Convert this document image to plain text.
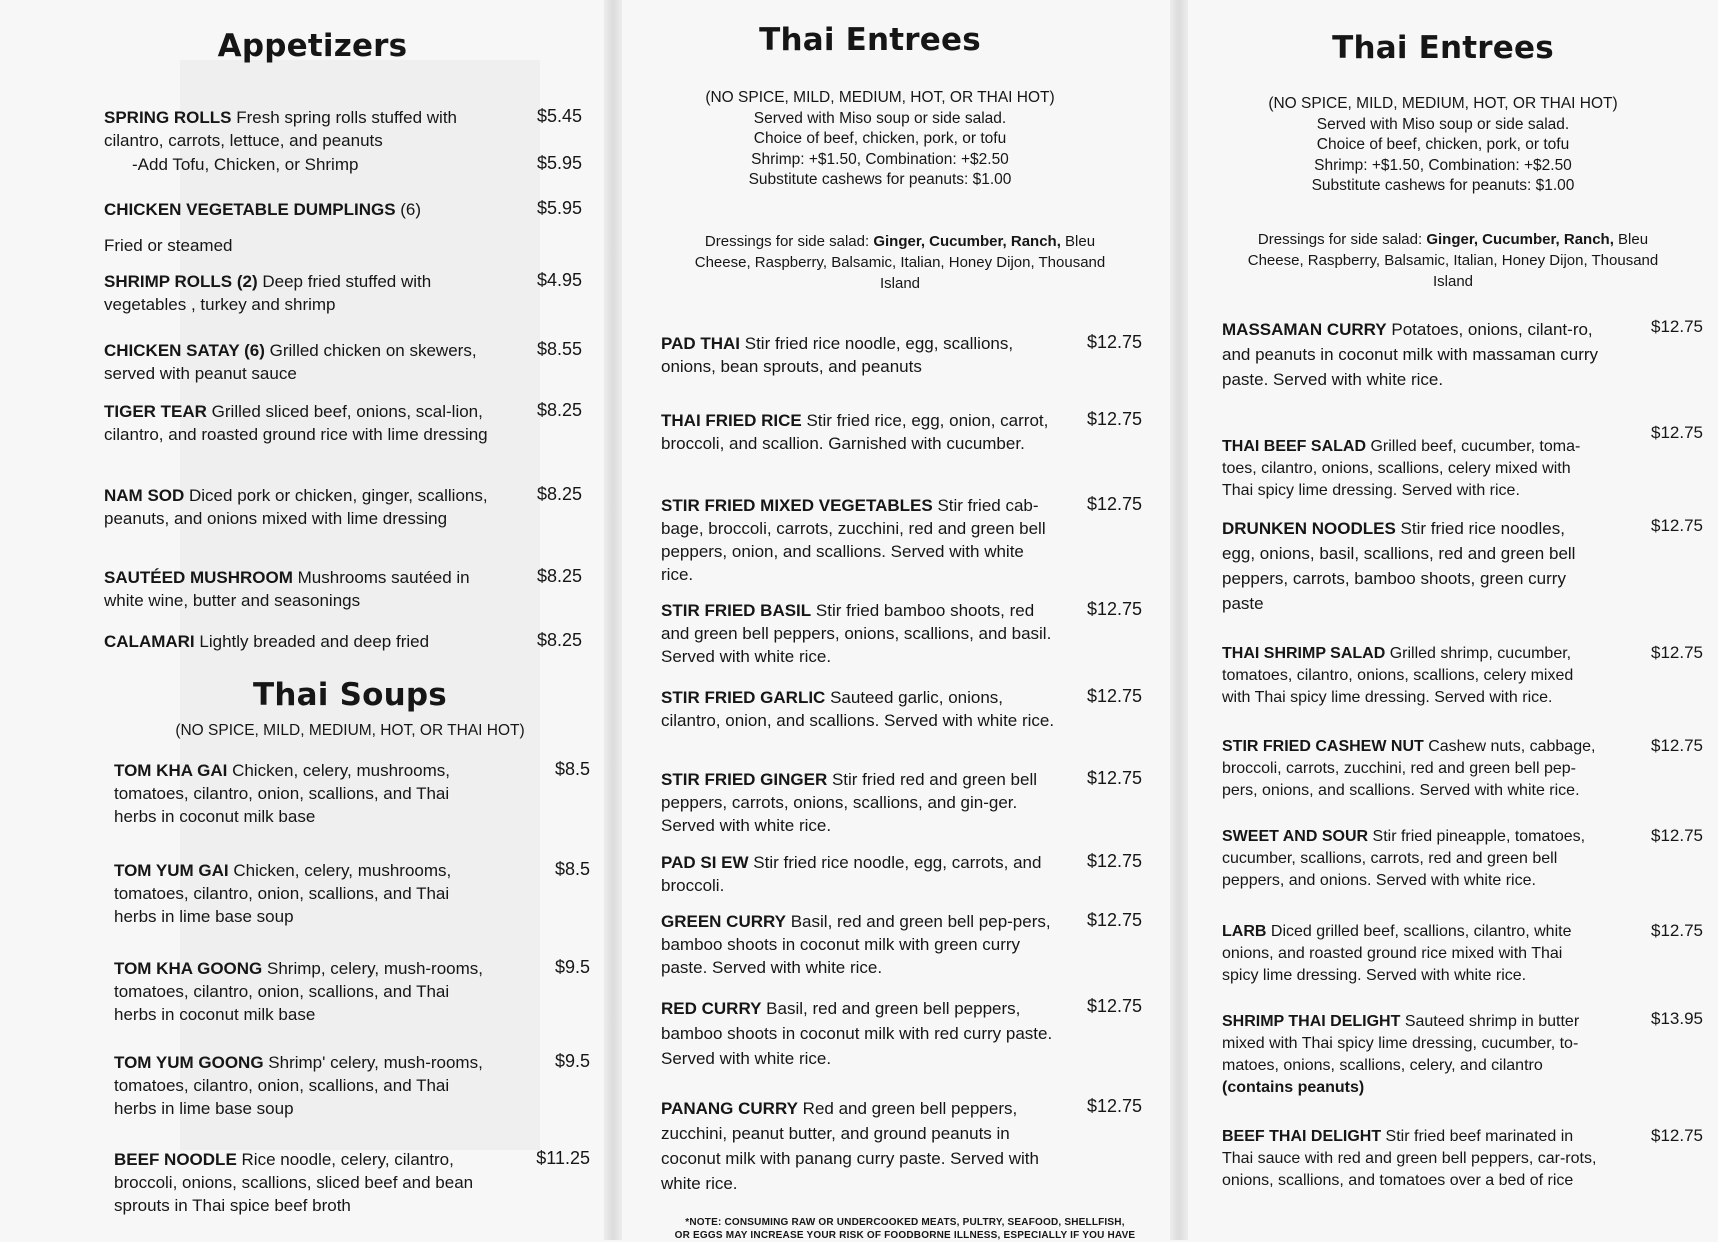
Appetizers
SPRING ROLLS Fresh spring rolls stuffed with cilantro, carrots, lettuce, and peanuts
$5.45
-Add Tofu, Chicken, or Shrimp	$5.95
CHICKEN VEGETABLE DUMPLINGS (6)	$5.95
Fried or steamed
SHRIMP ROLLS (2) Deep fried stuffed with vegetables , turkey and shrimp
$4.95
CHICKEN SATAY (6) Grilled chicken on skewers, served with peanut sauce
$8.55
TIGER TEAR Grilled sliced beef, onions, scal-lion, cilantro, and roasted ground rice with lime dressing
$8.25
NAM SOD Diced pork or chicken, ginger, scallions, peanuts, and onions mixed with lime dressing
$8.25
SAUTÉED MUSHROOM Mushrooms sautéed in white wine, butter and seasonings
$8.25
CALAMARI Lightly breaded and deep fried	$8.25
Thai Soups
(NO SPICE, MILD, MEDIUM, HOT, OR THAI HOT)
TOM KHA GAI Chicken, celery, mushrooms, tomatoes, cilantro, onion, scallions, and Thai herbs in coconut milk base
$8.5
TOM YUM GAI Chicken, celery, mushrooms, tomatoes, cilantro, onion, scallions, and Thai herbs in lime base soup
$8.5
TOM KHA GOONG Shrimp, celery, mush-rooms, tomatoes, cilantro, onion, scallions, and Thai herbs in coconut milk base
$9.5
TOM YUM GOONG Shrimp' celery, mush-rooms, tomatoes, cilantro, onion, scallions, and Thai herbs in lime base soup
$9.5
BEEF NOODLE Rice noodle, celery, cilantro, broccoli, onions, scallions, sliced beef and bean sprouts in Thai spice beef broth
$11.25
Thai Entrees
(NO SPICE, MILD, MEDIUM, HOT, OR THAI HOT)
Served with Miso soup or side salad.
Choice of beef, chicken, pork, or tofu
Shrimp: +$1.50, Combination: +$2.50
Substitute cashews for peanuts: $1.00
Dressings for side salad: Ginger, Cucumber, Ranch, Bleu Cheese, Raspberry, Balsamic, Italian, Honey Dijon, Thousand Island
PAD THAI Stir fried rice noodle, egg, scallions, onions, bean sprouts, and peanuts
$12.75
THAI FRIED RICE Stir fried rice, egg, onion, carrot, broccoli, and scallion. Garnished with cucumber.
$12.75
STIR FRIED MIXED VEGETABLES Stir fried cab-bage, broccoli, carrots, zucchini, red and green bell peppers, onion, and scallions. Served with white rice.
$12.75
STIR FRIED BASIL Stir fried bamboo shoots, red and green bell peppers, onions, scallions, and basil. Served with white rice.
$12.75
STIR FRIED GARLIC Sauteed garlic, onions, cilantro, onion, and scallions. Served with white rice.
$12.75
STIR FRIED GINGER Stir fried red and green bell peppers, carrots, onions, scallions, and gin-ger. Served with white rice.
$12.75
PAD SI EW Stir fried rice noodle, egg, carrots, and broccoli.
$12.75
GREEN CURRY Basil, red and green bell pep-pers, bamboo shoots in coconut milk with green curry paste. Served with white rice.
$12.75
RED CURRY Basil, red and green bell peppers, bamboo shoots in coconut milk with red curry paste. Served with white rice.
$12.75
PANANG CURRY Red and green bell peppers, zucchini, peanut butter, and ground peanuts in coconut milk with panang curry paste. Served with white rice.
$12.75
*NOTE: CONSUMING RAW OR UNDERCOOKED MEATS, PULTRY, SEAFOOD, SHELLFISH,
OR EGGS MAY INCREASE YOUR RISK OF FOODBORNE ILLNESS, ESPECIALLY IF YOU HAVE
Thai Entrees
(NO SPICE, MILD, MEDIUM, HOT, OR THAI HOT)
Served with Miso soup or side salad.
Choice of beef, chicken, pork, or tofu
Shrimp: +$1.50, Combination: +$2.50
Substitute cashews for peanuts: $1.00
Dressings for side salad: Ginger, Cucumber, Ranch, Bleu Cheese, Raspberry, Balsamic, Italian, Honey Dijon, Thousand Island
MASSAMAN CURRY Potatoes, onions, cilant-ro, and peanuts in coconut milk with massaman curry paste. Served with white rice.
$12.75
THAI BEEF SALAD Grilled beef, cucumber, toma-toes, cilantro, onions, scallions, celery mixed with Thai spicy lime dressing. Served with rice.
$12.75
DRUNKEN NOODLES Stir fried rice noodles, egg, onions, basil, scallions, red and green bell peppers, carrots, bamboo shoots, green curry paste
$12.75
THAI SHRIMP SALAD Grilled shrimp, cucumber, tomatoes, cilantro, onions, scallions, celery mixed with Thai spicy lime dressing. Served with rice.
$12.75
STIR FRIED CASHEW NUT Cashew nuts, cabbage, broccoli, carrots, zucchini, red and green bell pep-pers, onions, and scallions. Served with white rice.
$12.75
SWEET AND SOUR Stir fried pineapple, tomatoes, cucumber, scallions, carrots, red and green bell peppers, and onions. Served with white rice.
$12.75
LARB Diced grilled beef, scallions, cilantro, white onions, and roasted ground rice mixed with Thai spicy lime dressing. Served with white rice.
$12.75
SHRIMP THAI DELIGHT Sauteed shrimp in butter mixed with Thai spicy lime dressing, cucumber, to-matoes, onions, scallions, celery, and cilantro
(contains peanuts)
$13.95
BEEF THAI DELIGHT Stir fried beef marinated in Thai sauce with red and green bell peppers, car-rots, onions, scallions, and tomatoes over a bed of rice
$12.75
